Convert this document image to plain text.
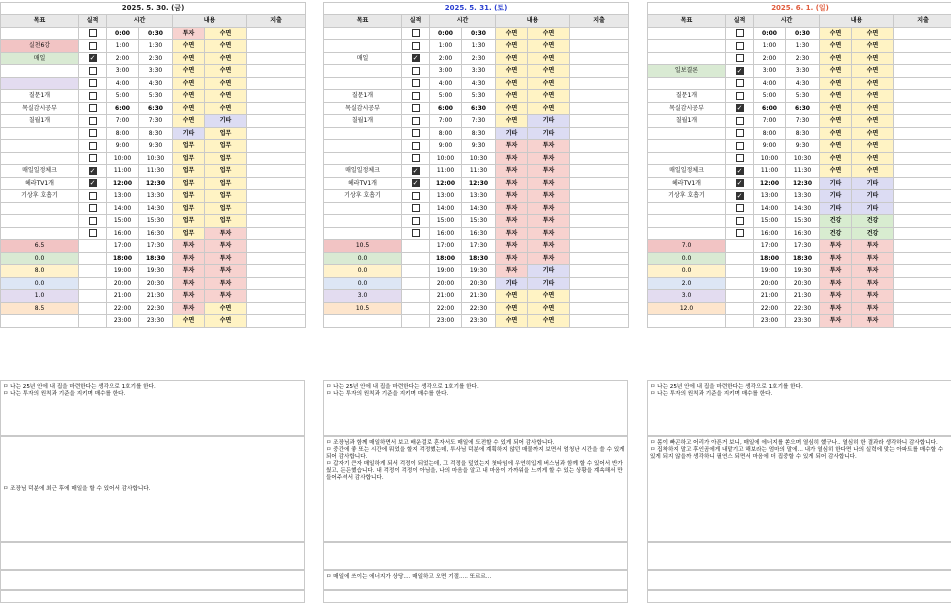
2025. 5. 30. (금)						
목표	실적	시간		내용		지출
		0:00	0:30	투자	수면	
실천6강		1:00	1:30	수면	수면	
매일	✓	2:00	2:30	수면	수면	
		3:00	3:30	수면	수면	
		4:00	4:30	수면	수면	
질문1개		5:00	5:30	수면	수면	
목실감시공부		6:00	6:30	수면	수면	
칠월1개		7:00	7:30	수면	기타	
		8:00	8:30	기타	업무	
		9:00	9:30	업무	업무	
		10:00	10:30	업무	업무	
매일일정체크	✓	11:00	11:30	업무	업무	
헤라TV1개	✓	12:00	12:30	업무	업무	
기상후 호흡기		13:00	13:30	업무	업무	
		14:00	14:30	업무	업무	
		15:00	15:30	업무	업무	
		16:00	16:30	업무	투자	
6.5		17:00	17:30	투자	투자	
0.0		18:00	18:30	투자	투자	
8.0		19:00	19:30	투자	투자	
0.0		20:00	20:30	투자	투자	
1.0		21:00	21:30	투자	투자	
8.5		22:00	22:30	투자	수면	
		23:00	23:30	수면	수면	

ㅁ 나는 25년 안에 내 집을 마련한다는 생각으로 1호기를 한다.

ㅁ 나는 투자의 원칙과 기준을 지키며 매수를 한다.

ㅁ 조장님 덕분에 최근 후에 매일을 할 수 있어서 감사합니다.

2025. 5. 31. (토)						
목표	실적	시간		내용		지출
		0:00	0:30	수면	수면	
		1:00	1:30	수면	수면	
매일	✓	2:00	2:30	수면	수면	
		3:00	3:30	수면	수면	
		4:00	4:30	수면	수면	
질문1개		5:00	5:30	수면	수면	
목실감시공부		6:00	6:30	수면	수면	
칠월1개		7:00	7:30	수면	기타	
		8:00	8:30	기타	기타	
		9:00	9:30	투자	투자	
		10:00	10:30	투자	투자	
매일일정체크	✓	11:00	11:30	투자	투자	
헤라TV1개	✓	12:00	12:30	투자	투자	
기상후 호흡기		13:00	13:30	투자	투자	
		14:00	14:30	투자	투자	
		15:00	15:30	투자	투자	
		16:00	16:30	투자	투자	
10.5		17:00	17:30	투자	투자	
0.0		18:00	18:30	투자	투자	
0.0		19:00	19:30	투자	기타	
0.0		20:00	20:30	기타	기타	
3.0		21:00	21:30	수면	수면	
10.5		22:00	22:30	수면	수면	
		23:00	23:30	수면	수면	

ㅁ 나는 25년 안에 내 집을 마련한다는 생각으로 1호기를 한다.

ㅁ 나는 투자의 원칙과 기준을 지키며 매수를 한다.

ㅁ 조장님과 함께 매일하면서 보고 배운걸로 혼자서도 매일에 도전할 수 있게 되어 감사합니다.

ㅁ 중간에 좋 또는 시간에 뭐었을 할지 걱정했는데, 투사님 덕분에 계획하지 않던 매물까지 보면서 엄청난 시간을 쓸 수 있게 되어 감사합니다.

ㅁ 갑자기 큰자 매일하게 되서 걱정이 되었는데, 그 걱정을 덮었는지 첫타임에 우연히입게 버스님과 함께 할 수 있어서 반가웠고, 든든했습니다. 내 걱정이 걱정이 아님을, 나의 마음을 알고 내 마음이 가까워을 느끼게 할 수 있는 상황을 계속해서 만들어주셔서 감사합니다.

ㅁ 매일에 쓰이는 에너지가 상당.... 매일하고 오면 기절..... 또르르...

2025. 6. 1. (일)						
목표	실적	시간		내용		지출
		0:00	0:30	수면	수면	
		1:00	1:30	수면	수면	
		2:00	2:30	수면	수면	
일보결론	✓	3:00	3:30	수면	수면	
		4:00	4:30	수면	수면	
질문1개		5:00	5:30	수면	수면	
목실감시공부	✓	6:00	6:30	수면	수면	
칠월1개		7:00	7:30	수면	수면	
		8:00	8:30	수면	수면	
		9:00	9:30	수면	수면	
		10:00	10:30	수면	수면	
매일일정체크	✓	11:00	11:30	수면	수면	
헤라TV1개	✓	12:00	12:30	기타	기타	
기상후 호흡기	✓	13:00	13:30	기타	기타	
		14:00	14:30	기타	기타	
		15:00	15:30	건강	건강	
		16:00	16:30	건강	건강	
7.0		17:00	17:30	투자	투자	
0.0		18:00	18:30	투자	투자	
0.0		19:00	19:30	투자	투자	
2.0		20:00	20:30	투자	투자	
3.0		21:00	21:30	투자	투자	
12.0		22:00	22:30	투자	투자	
		23:00	23:30	투자	투자	

ㅁ 나는 25년 안에 내 집을 마련한다는 생각으로 1호기를 한다.

ㅁ 나는 투자의 원칙과 기준을 지키며 매수를 한다.

ㅁ 몸이 빠곤하고 어리가 아픈거 보니, 매일에 에너지를 쏟으며 열심히 했구나.. 열심히 한 결과라 생각하니 감사합니다.

ㅁ 집착하지 말고 후인곰에게 내맡기고 해보라는 엄마의 말에... 내가 열심히 한다면 나의 실력에 맞는 아파트를 매수할 수 있게 되지 않을까 생각하니 필연스 되면서 마음에 더 집중할 수 있게 되어 감사합니다.
